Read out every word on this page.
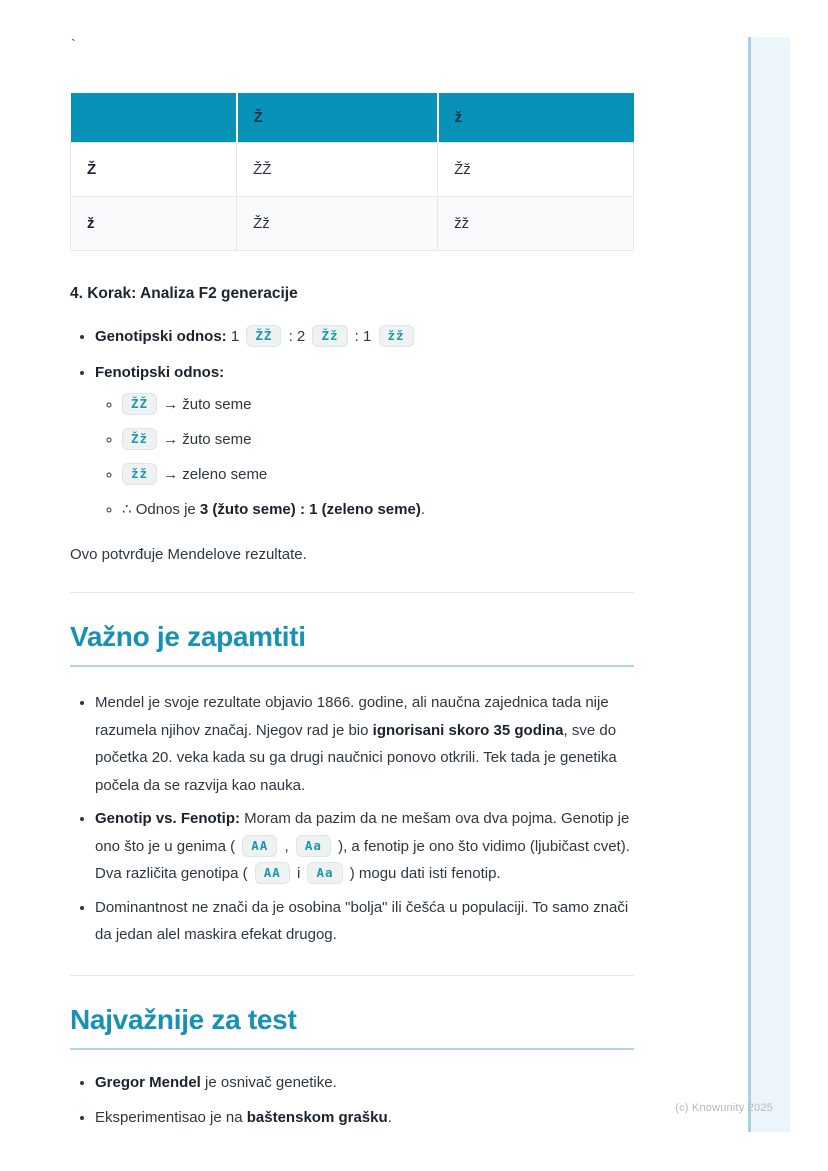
`
	Ž	ž
Ž	ŽŽ	Žž
ž	Žž	žž

4. Korak: Analiza F2 generacije

• Genotipski odnos: 1 ŽŽ : 2 Žž : 1 žž
• Fenotipski odnos:
◦ ŽŽ → žuto seme
◦ Žž → žuto seme
◦ žž → zeleno seme
◦ ∴ Odnos je 3 (žuto seme) : 1 (zeleno seme).

Ovo potvrđuje Mendelove rezultate.

Važno je zapamtiti
• Mendel je svoje rezultate objavio 1866. godine, ali naučna zajednica tada nije razumela njihov značaj. Njegov rad je bio ignorisani skoro 35 godina, sve do početka 20. veka kada su ga drugi naučnici ponovo otkrili. Tek tada je genetika počela da se razvija kao nauka.
• Genotip vs. Fenotip: Moram da pazim da ne mešam ova dva pojma. Genotip je ono što je u genima ( AA , Aa ), a fenotip je ono što vidimo (ljubičast cvet). Dva različita genotipa ( AA i Aa ) mogu dati isti fenotip.
• Dominantnost ne znači da je osobina "bolja" ili češća u populaciji. To samo znači da jedan alel maskira efekat drugog.
Najvažnije za test
• Gregor Mendel je osnivač genetike.
• Eksperimentisao je na baštenskom grašku.
(c) Knowunity 2025
